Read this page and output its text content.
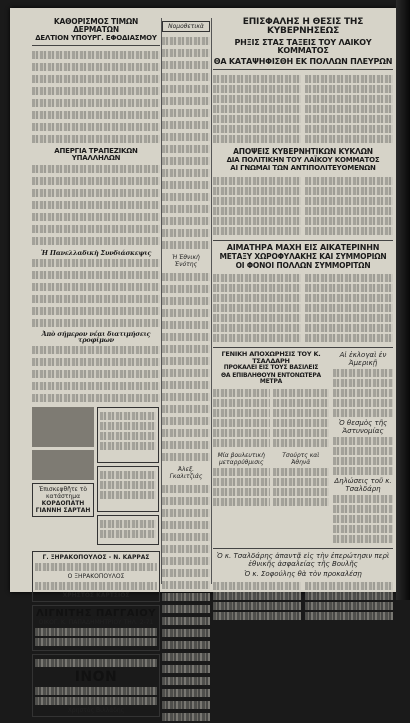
ΚΑΘΟΡΙΣΜΟΣ ΤΙΜΩΝ ΔΕΡΜΑΤΩΝ
ΔΕΛΤΙΟΝ ΥΠΟΥΡΓ. ΕΦΟΔΙΑΣΜΟΥ
ΑΠΕΡΓΙΑ ΤΡΑΠΕΖΙΚΩΝ ΥΠΑΛΛΗΛΩΝ
Ἡ Πανελλαδικὴ Συνδιάσκεψις
Ἀπὸ σήμερον νέαι διατιμήσεις τροφίμων
Ἐπισκεφθῆτε τὸ κατάστημα
ΚΟΡΔΟΠΑΤΗ
ΓΙΑΝΝΗ ΣΑΡΤΑΗ
Γ. ΞΗΡΑΚΟΠΟΥΛΟΣ - Ν. ΚΑΡΡΑΣ
Ο ΞΗΡΑΚΟΠΟΥΛΟΣ
ΧΡΗΣΤΟΣ ΚΑΡΤΣΙΟΣ
ΛΙΓΝΙΤΗΣ ΠΑΓΓΑΙΟΥ
ΟΙΚΟΓ. Κ. ΠΑΠΑΔΗΜΗΤΡΙΟΥ ΤΗΛ. 2-71
ΙΝΟΝ
Χρηστὸς Βιλλάδης
Νομοθετικὰ
Ἡ Ἐθνικὴ Ἑνότης
Ἀλεξ. Γκαλιτζιάς
ΕΠΙΣΦΑΛΗΣ Η ΘΕΣΙΣ ΤΗΣ ΚΥΒΕΡΝΗΣΕΩΣ
ΡΗΞΙΣ ΣΤΑΣ ΤΑΞΕΙΣ ΤΟΥ ΛΑΙΚΟΥ ΚΟΜΜΑΤΟΣ
ΘΑ ΚΑΤΑΨΗΦΙΣΘΗ ΕΚ ΠΟΛΛΩΝ ΠΛΕΥΡΩΝ
ΑΠΟΨΕΙΣ ΚΥΒΕΡΝΗΤΙΚΩΝ ΚΥΚΛΩΝ
ΔΙΑ ΠΟΛΙΤΙΚΗΝ ΤΟΥ ΛΑΪΚΟΥ ΚΟΜΜΑΤΟΣ
ΑΙ ΓΝΩΜΑΙ ΤΩΝ ΑΝΤΙΠΟΛΙΤΕΥΟΜΕΝΩΝ
ΑΙΜΑΤΗΡΑ ΜΑΧΗ ΕΙΣ ΑΙΚΑΤΕΡΙΝΗΝ
ΜΕΤΑΞΥ ΧΩΡΟΦΥΛΑΚΗΣ ΚΑΙ ΣΥΜΜΟΡΙΩΝ
ΟΙ ΦΟΝΟΙ ΠΟΛΛΩΝ ΣΥΜΜΟΡΙΤΩΝ
ΓΕΝΙΚΗ ΑΠΟΧΩΡΗΣΙΣ ΤΟΥ Κ. ΤΣΑΛΔΑΡΗ
ΠΡΟΚΑΛΕΙ ΕΙΣ ΤΟΥΣ ΒΑΣΙΛΕΙΣ
ΘΑ ΕΠΙΒΛΗΘΟΥΝ ΕΝΤΟΝΩΤΕΡΑ ΜΕΤΡΑ
Μία βουλευτικὴ μεταρρύθμισις
Τσούρτς καὶ Ἀθηνᾶ
Αἱ ἐκλογαὶ ἐν Ἀμερικῇ
Ὁ θεσμὸς τῆς Ἀστυνομίας
Δηλώσεις τοῦ κ. Τσαλδάρη
Ὁ κ. Τσαλδάρης ἀπαντᾷ εἰς τὴν ἐπερώτησιν περὶ ἐθνικῆς ἀσφαλείας τῆς Βουλῆς
Ὁ κ. Σοφούλης θὰ τὸν προκαλέσῃ
